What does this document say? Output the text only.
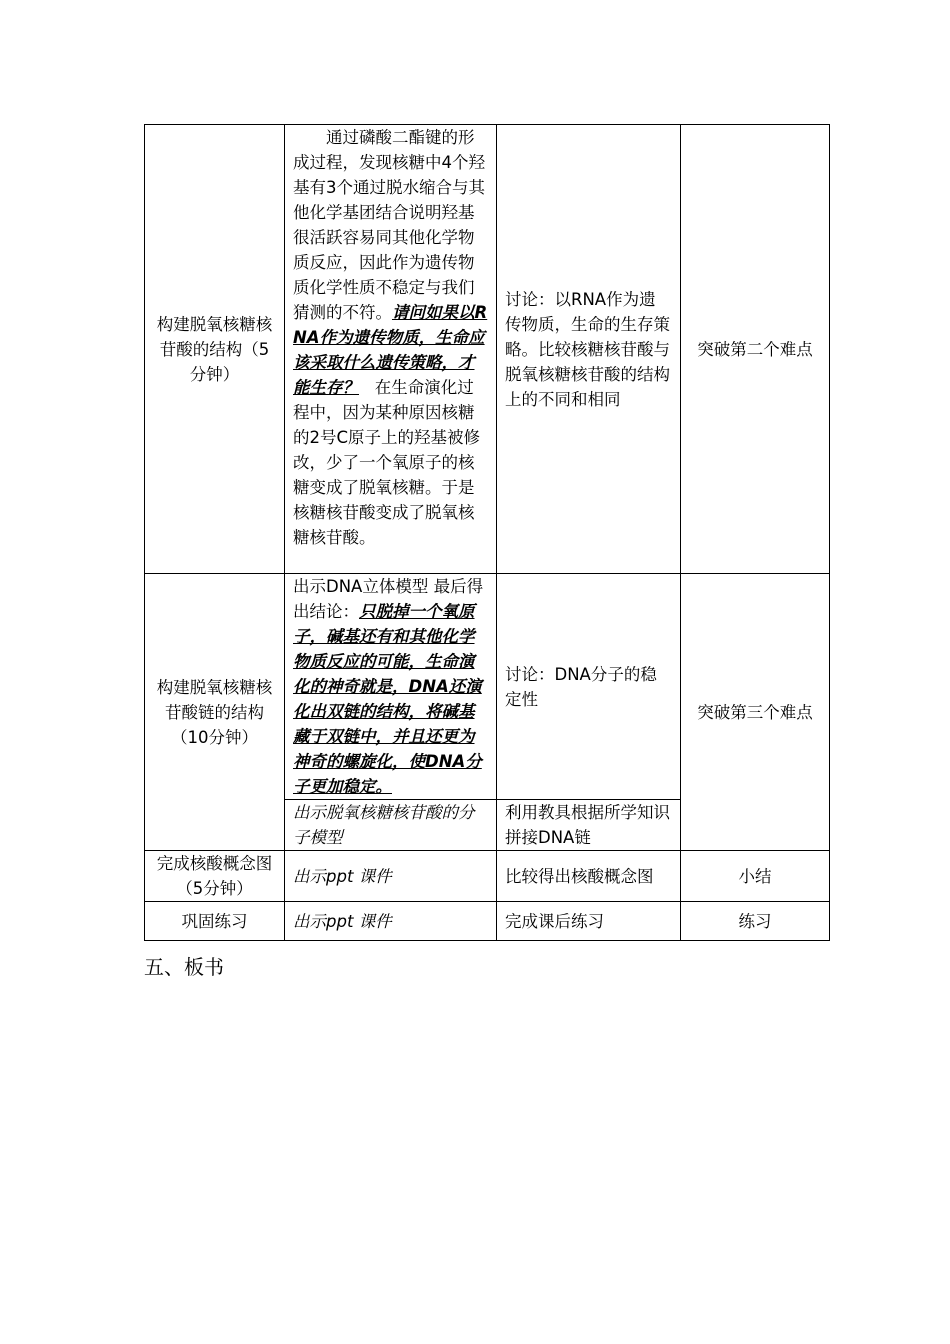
构建脱氧核糖核苷酸的结构（5分钟）	通过磷酸二酯键的形成过程，发现核糖中4个羟基有3个通过脱水缩合与其他化学基团结合说明羟基很活跃容易同其他化学物质反应，因此作为遗传物质化学性质不稳定与我们猜测的不符。请问如果以RNA作为遗传物质，生命应该采取什么遗传策略，才能生存？ 在生命演化过程中，因为某种原因核糖的2号C原子上的羟基被修改，少了一个氧原子的核糖变成了脱氧核糖。于是核糖核苷酸变成了脱氧核糖核苷酸。	讨论：以RNA作为遗传物质，生命的生存策略。比较核糖核苷酸与脱氧核糖核苷酸的结构上的不同和相同	突破第二个难点
构建脱氧核糖核苷酸链的结构（10分钟）	出示DNA立体模型 最后得出结论：只脱掉一个氧原子，碱基还有和其他化学物质反应的可能，生命演化的神奇就是，DNA还演化出双链的结构，将碱基藏于双链中，并且还更为神奇的螺旋化，使DNA分子更加稳定。	讨论：DNA分子的稳定性	突破第三个难点
	出示脱氧核糖核苷酸的分子模型	利用教具根据所学知识拼接DNA链	
完成核酸概念图（5分钟）	出示ppt 课件	比较得出核酸概念图	小结
巩固练习	出示ppt 课件	完成课后练习	练习
五、板书
